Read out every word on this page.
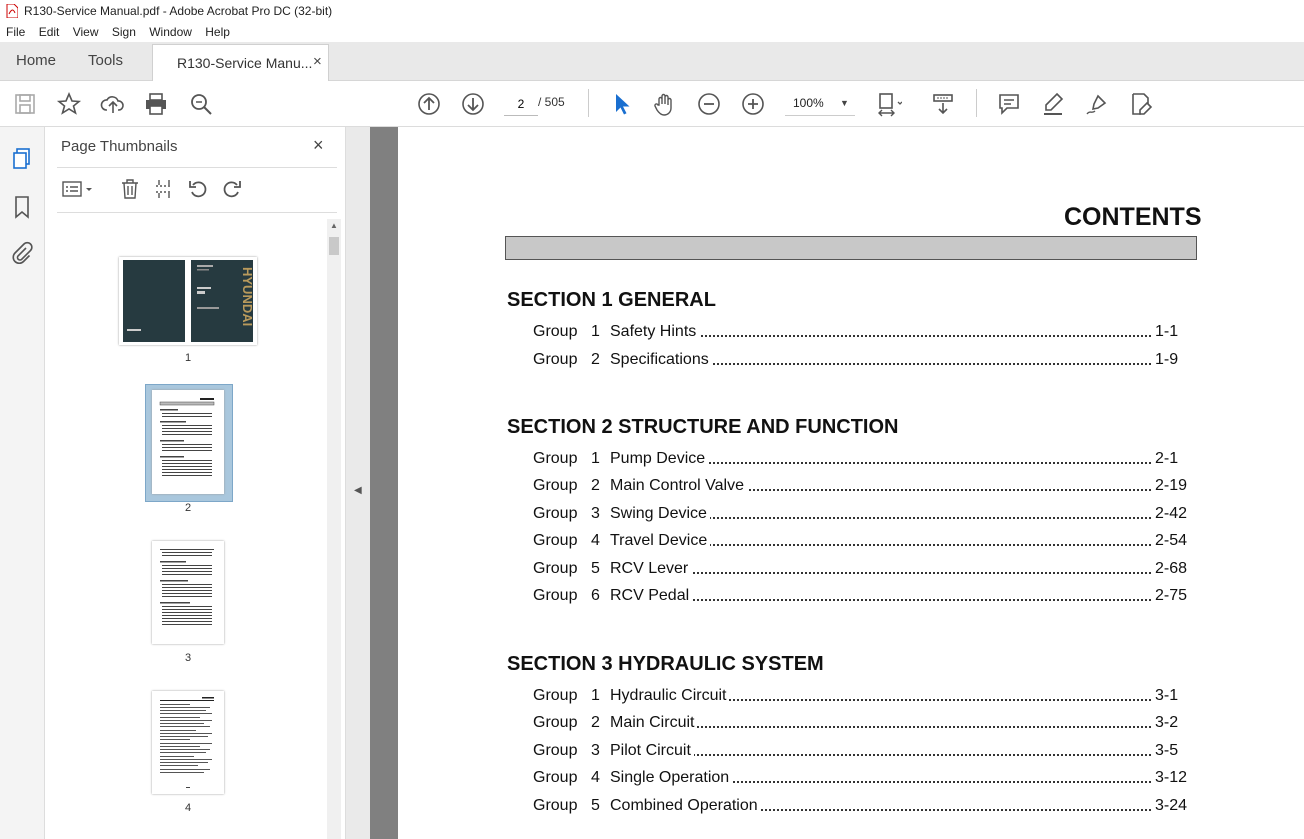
R130-Service Manual.pdf - Adobe Acrobat Pro DC (32-bit)
File Edit View Sign Window Help
Home Tools	R130-Service Manu... ×
2
/ 505	100% ▼
Page Thumbnails	×
HYUNDAI
1
2
3
4
▲
◀
CONTENTS
SECTION 1 GENERAL
Group 1 Safety Hints	1-1
Group 2 Specifications	1-9
SECTION 2 STRUCTURE AND FUNCTION
Group 1 Pump Device	2-1
Group 2 Main Control Valve	2-19
Group 3 Swing Device	2-42
Group 4 Travel Device	2-54
Group 5 RCV Lever	2-68
Group 6 RCV Pedal	2-75
SECTION 3 HYDRAULIC SYSTEM
Group 1 Hydraulic Circuit	3-1
Group 2 Main Circuit	3-2
Group 3 Pilot Circuit	3-5
Group 4 Single Operation	3-12
Group 5 Combined Operation	3-24
